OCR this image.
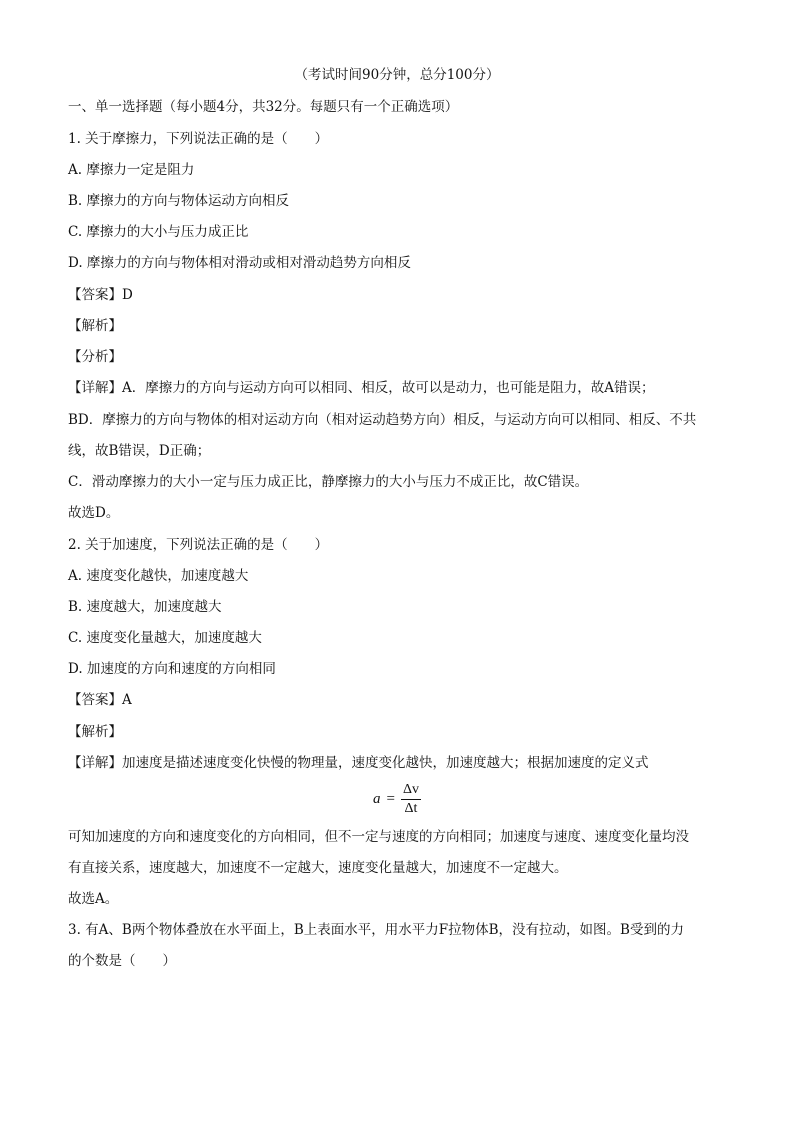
（考试时间90分钟，总分100分）
一、单一选择题（每小题4分，共32分。每题只有一个正确选项）
1. 关于摩擦力，下列说法正确的是（　　）
A. 摩擦力一定是阻力
B. 摩擦力的方向与物体运动方向相反
C. 摩擦力的大小与压力成正比
D. 摩擦力的方向与物体相对滑动或相对滑动趋势方向相反
【答案】D
【解析】
【分析】
【详解】A．摩擦力的方向与运动方向可以相同、相反，故可以是动力，也可能是阻力，故A错误；
BD．摩擦力的方向与物体的相对运动方向（相对运动趋势方向）相反，与运动方向可以相同、相反、不共
线，故B错误，D正确；
C．滑动摩擦力的大小一定与压力成正比，静摩擦力的大小与压力不成正比，故C错误。
故选D。
2. 关于加速度，下列说法正确的是（　　）
A. 速度变化越快，加速度越大
B. 速度越大，加速度越大
C. 速度变化量越大，加速度越大
D. 加速度的方向和速度的方向相同
【答案】A
【解析】
【详解】加速度是描述速度变化快慢的物理量，速度变化越快，加速度越大；根据加速度的定义式
$a = \frac{\Delta v}{\Delta t}$
可知加速度的方向和速度变化的方向相同，但不一定与速度的方向相同；加速度与速度、速度变化量均没
有直接关系，速度越大，加速度不一定越大，速度变化量越大，加速度不一定越大。
故选A。
3. 有A、B两个物体叠放在水平面上，B上表面水平，用水平力F拉物体B，没有拉动，如图。B受到的力
的个数是（　　）
